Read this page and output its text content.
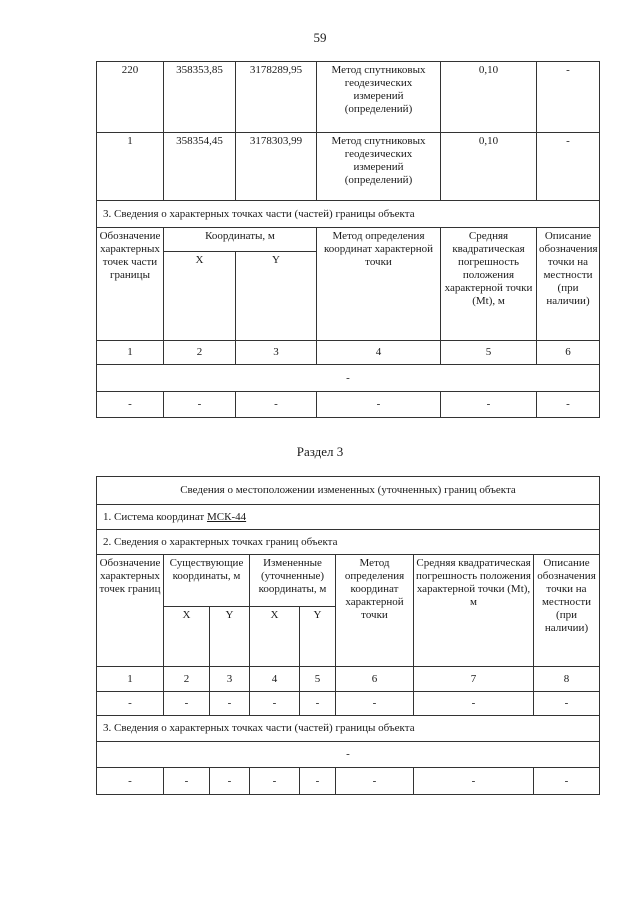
59
220	358353,85	3178289,95	Метод спутниковых геодезических измерений (определений)	0,10	-
1	358354,45	3178303,99	Метод спутниковых геодезических измерений (определений)	0,10	-
3. Сведения о характерных точках части (частей) границы объекта					
Обозначение характерных точек части границы	Координаты, м		Метод определения координат характерной точки	Средняя квадратическая погрешность положения характерной точки (Mt), м	Описание обозначения точки на местности (при наличии)
	X	Y			
1	2	3	4	5	6
-					
-	-	-	-	-	-
Раздел 3
Сведения о местоположении измененных (уточненных) границ объекта							
1. Система координат МСК-44							
2. Сведения о характерных точках границ объекта							
Обозначение характерных точек границ	Существующие координаты, м		Измененные (уточненные) координаты, м		Метод определения координат характерной точки	Средняя квадратическая погрешность положения характерной точки (Mt), м	Описание обозначения точки на местности (при наличии)
	X	Y	X	Y			
1	2	3	4	5	6	7	8
-	-	-	-	-	-	-	-
3. Сведения о характерных точках части (частей) границы объекта							
-							
-	-	-	-	-	-	-	-
